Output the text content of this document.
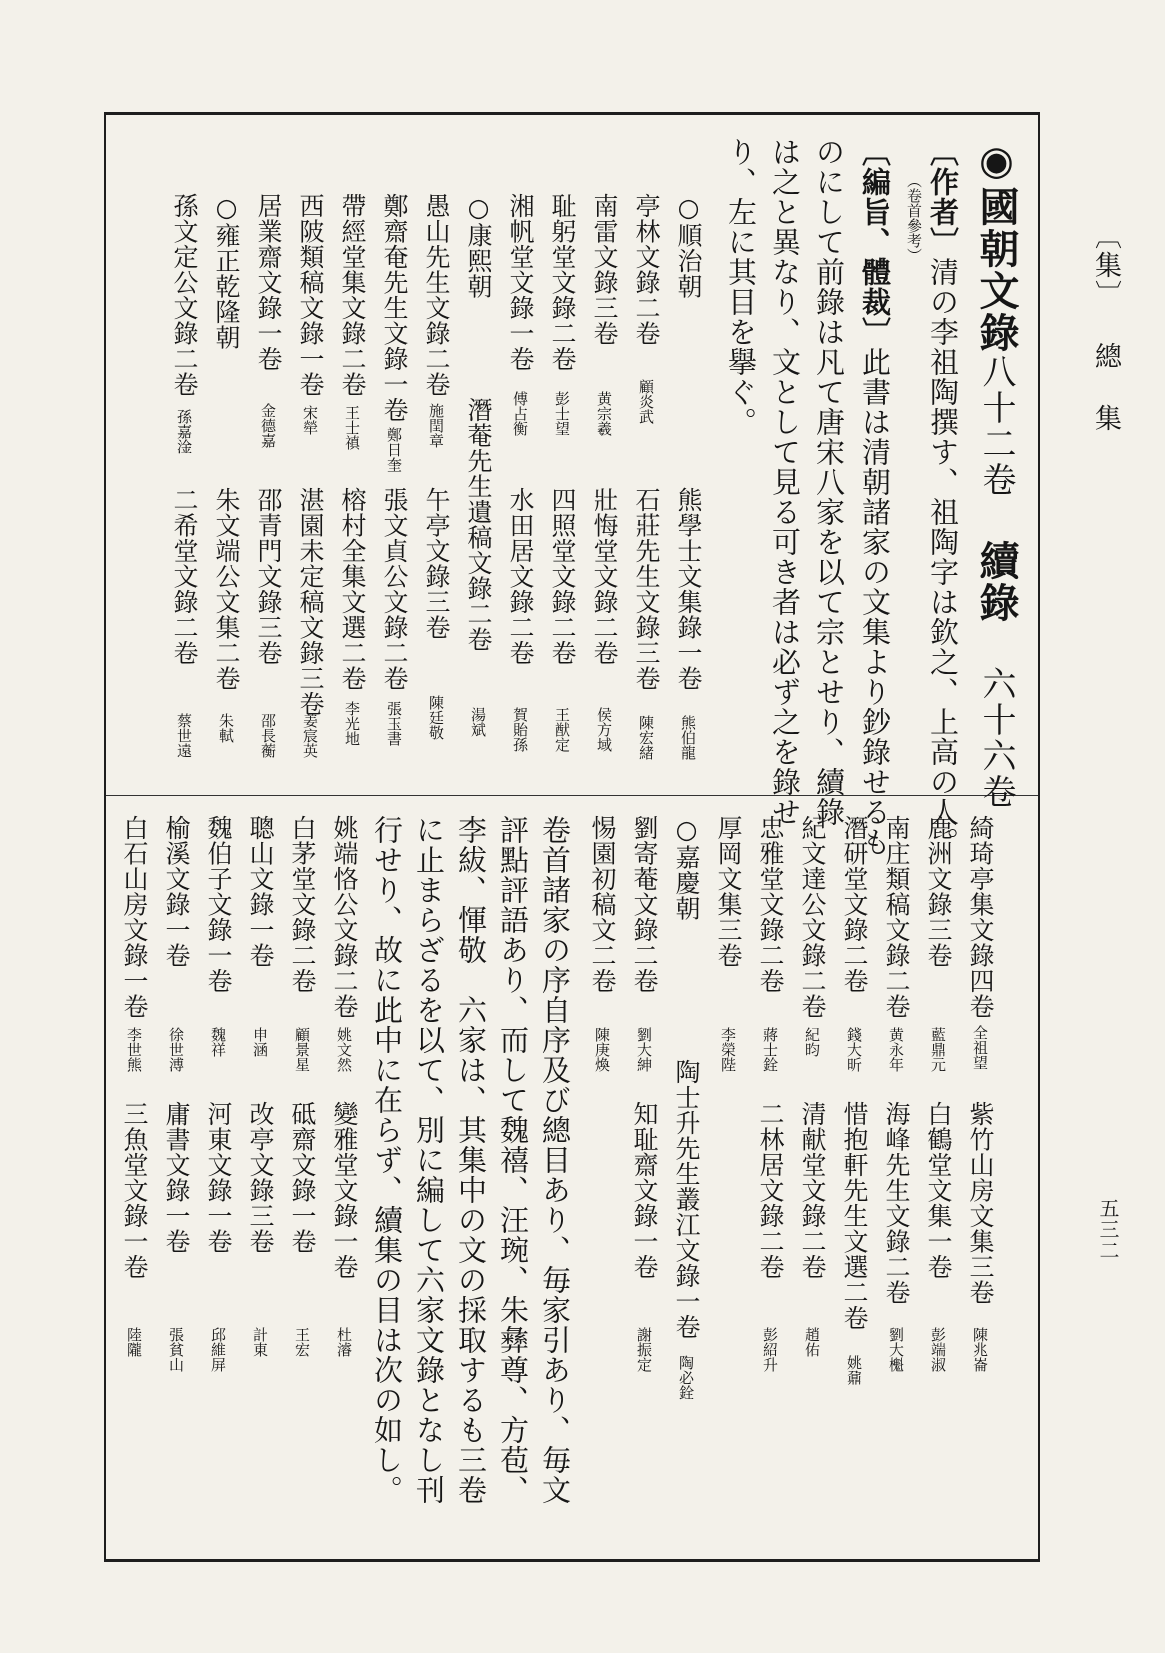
〔集〕 總 集
五三二
◉國朝文錄八十二卷　續錄　六十六卷
〔作者〕清の李祖陶撰す、祖陶字は欽之、上高の人。
（卷首參考）
〔編旨、體裁〕此書は清朝諸家の文集より鈔錄せるも
のにして前錄は凡て唐宋八家を以て宗とせり、續錄
は之と異なり、文として見る可き者は必ず之を錄せ
り、左に其目を擧ぐ。
○順治朝
熊學士文集錄一卷
熊伯龍
亭林文錄二卷
顧炎武
石莊先生文錄三卷
陳宏緒
南雷文錄三卷
黄宗羲
壯悔堂文錄二卷
侯方域
耻躬堂文錄二卷
彭士望
四照堂文錄二卷
王猷定
湘帆堂文錄一卷
傅占衡
水田居文錄二卷
賀貽孫
○康熙朝
潛菴先生遺稿文錄二卷
湯斌
愚山先生文錄二卷
施閏章
午亭文錄三卷
陳廷敬
鄭齋奄先生文錄一卷
鄭日奎
張文貞公文錄二卷
張玉書
帶經堂集文錄二卷
王士禛
榕村全集文選二卷
李光地
西陂類稿文錄一卷
宋犖
湛園未定稿文錄三卷
姜宸英
居業齋文錄一卷
金德嘉
邵青門文錄三卷
邵長蘅
○雍正乾隆朝
朱文端公文集二卷
朱軾
孫文定公文錄二卷
孫嘉淦
二希堂文錄二卷
蔡世遠
綺琦亭集文錄四卷
全祖望
紫竹山房文集三卷
陳兆崙
鹿洲文錄三卷
藍鼎元
白鶴堂文集一卷
彭端淑
南庄類稿文錄二卷
黄永年
海峰先生文錄二卷
劉大櫆
潛研堂文錄二卷
錢大昕
惜抱軒先生文選二卷
姚鼐
紀文達公文錄二卷
紀昀
清献堂文錄二卷
趙佑
忠雅堂文錄二卷
蔣士銓
二林居文錄二卷
彭紹升
厚岡文集三卷
李榮陛
○嘉慶朝
陶士升先生叢江文錄一卷
陶必銓
劉寄菴文錄二卷
劉大紳
知耻齋文錄一卷
謝振定
惕園初稿文二卷
陳庚煥
卷首諸家の序自序及び總目あり、毎家引あり、毎文
評點評語あり、而して魏禧、汪琬、朱彝尊、方苞、
李紱、惲敬　六家は、其集中の文の採取するも三卷
に止まらざるを以て、別に編して六家文錄となし刊
行せり、故に此中に在らず、續集の目は次の如し。
姚端恪公文錄二卷
姚文然
變雅堂文錄一卷
杜濬
白茅堂文錄二卷
顧景星
砥齋文錄一卷
王宏
聰山文錄一卷
申涵
改亭文錄三卷
計東
魏伯子文錄一卷
魏祥
河東文錄一卷
邱維屏
榆溪文錄一卷
徐世溥
庸書文錄一卷
張貧山
白石山房文錄一卷
李世熊
三魚堂文錄一卷
陸隴
